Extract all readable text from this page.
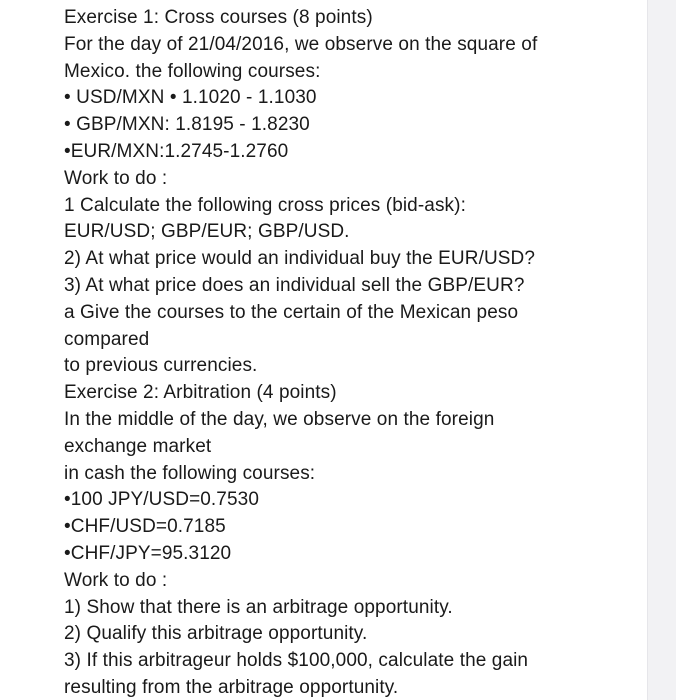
Exercise 1: Cross courses (8 points)

For the day of 21/04/2016, we observe on the square of

Mexico. the following courses:

• USD/MXN • 1.1020 - 1.1030

• GBP/MXN: 1.8195 - 1.8230

•EUR/MXN:1.2745-1.2760

Work to do :

1 Calculate the following cross prices (bid-ask):

EUR/USD; GBP/EUR; GBP/USD.

2) At what price would an individual buy the EUR/USD?

3) At what price does an individual sell the GBP/EUR?

a Give the courses to the certain of the Mexican peso

compared

to previous currencies.

Exercise 2: Arbitration (4 points)

In the middle of the day, we observe on the foreign

exchange market

in cash the following courses:

•100 JPY/USD=0.7530

•CHF/USD=0.7185

•CHF/JPY=95.3120

Work to do :

1) Show that there is an arbitrage opportunity.

2) Qualify this arbitrage opportunity.

3) If this arbitrageur holds $100,000, calculate the gain

resulting from the arbitrage opportunity.
